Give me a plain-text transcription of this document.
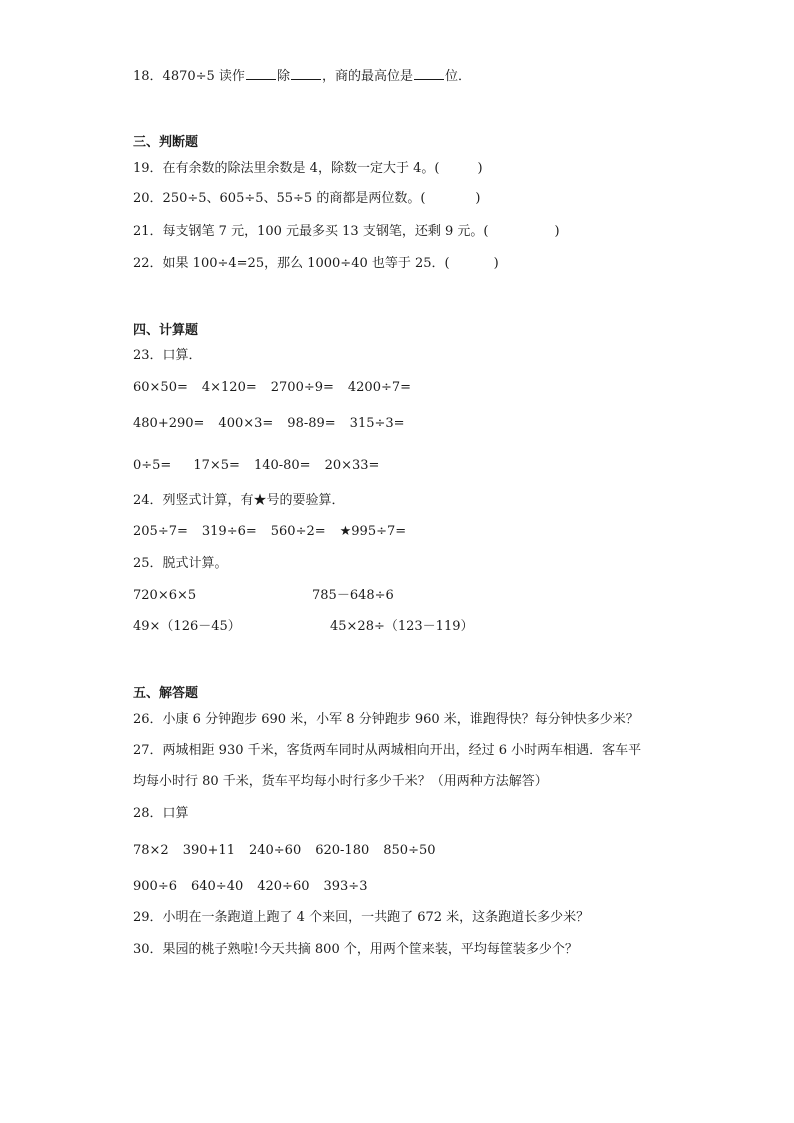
18．4870÷5 读作 除 ，商的最高位是 位．
三、判断题
19．在有余数的除法里余数是 4，除数一定大于 4。(	)
20．250÷5、605÷5、55÷5 的商都是两位数。(	)
21．每支钢笔 7 元，100 元最多买 13 支钢笔，还剩 9 元。(	)
22．如果 100÷4=25，那么 1000÷40 也等于 25．(	)
四、计算题
23．口算．
60×50= 4×120= 2700÷9= 4200÷7=
480+290= 400×3= 98-89= 315÷3=
0÷5= 17×5= 140-80= 20×33=
24．列竖式计算，有★号的要验算．
205÷7= 319÷6= 560÷2= ★995÷7=
25．脱式计算。
720×6×5	785－648÷6
49×（126－45）	45×28÷（123－119）
五、解答题
26．小康 6 分钟跑步 690 米，小军 8 分钟跑步 960 米，谁跑得快？每分钟快多少米？
27．两城相距 930 千米，客货两车同时从两城相向开出，经过 6 小时两车相遇．客车平
均每小时行 80 千米，货车平均每小时行多少千米？（用两种方法解答）
28．口算
78×2 390+11 240÷60 620-180 850÷50
900÷6 640÷40 420÷60 393÷3
29．小明在一条跑道上跑了 4 个来回，一共跑了 672 米，这条跑道长多少米？
30．果园的桃子熟啦!今天共摘 800 个，用两个筐来装，平均每筐装多少个？
